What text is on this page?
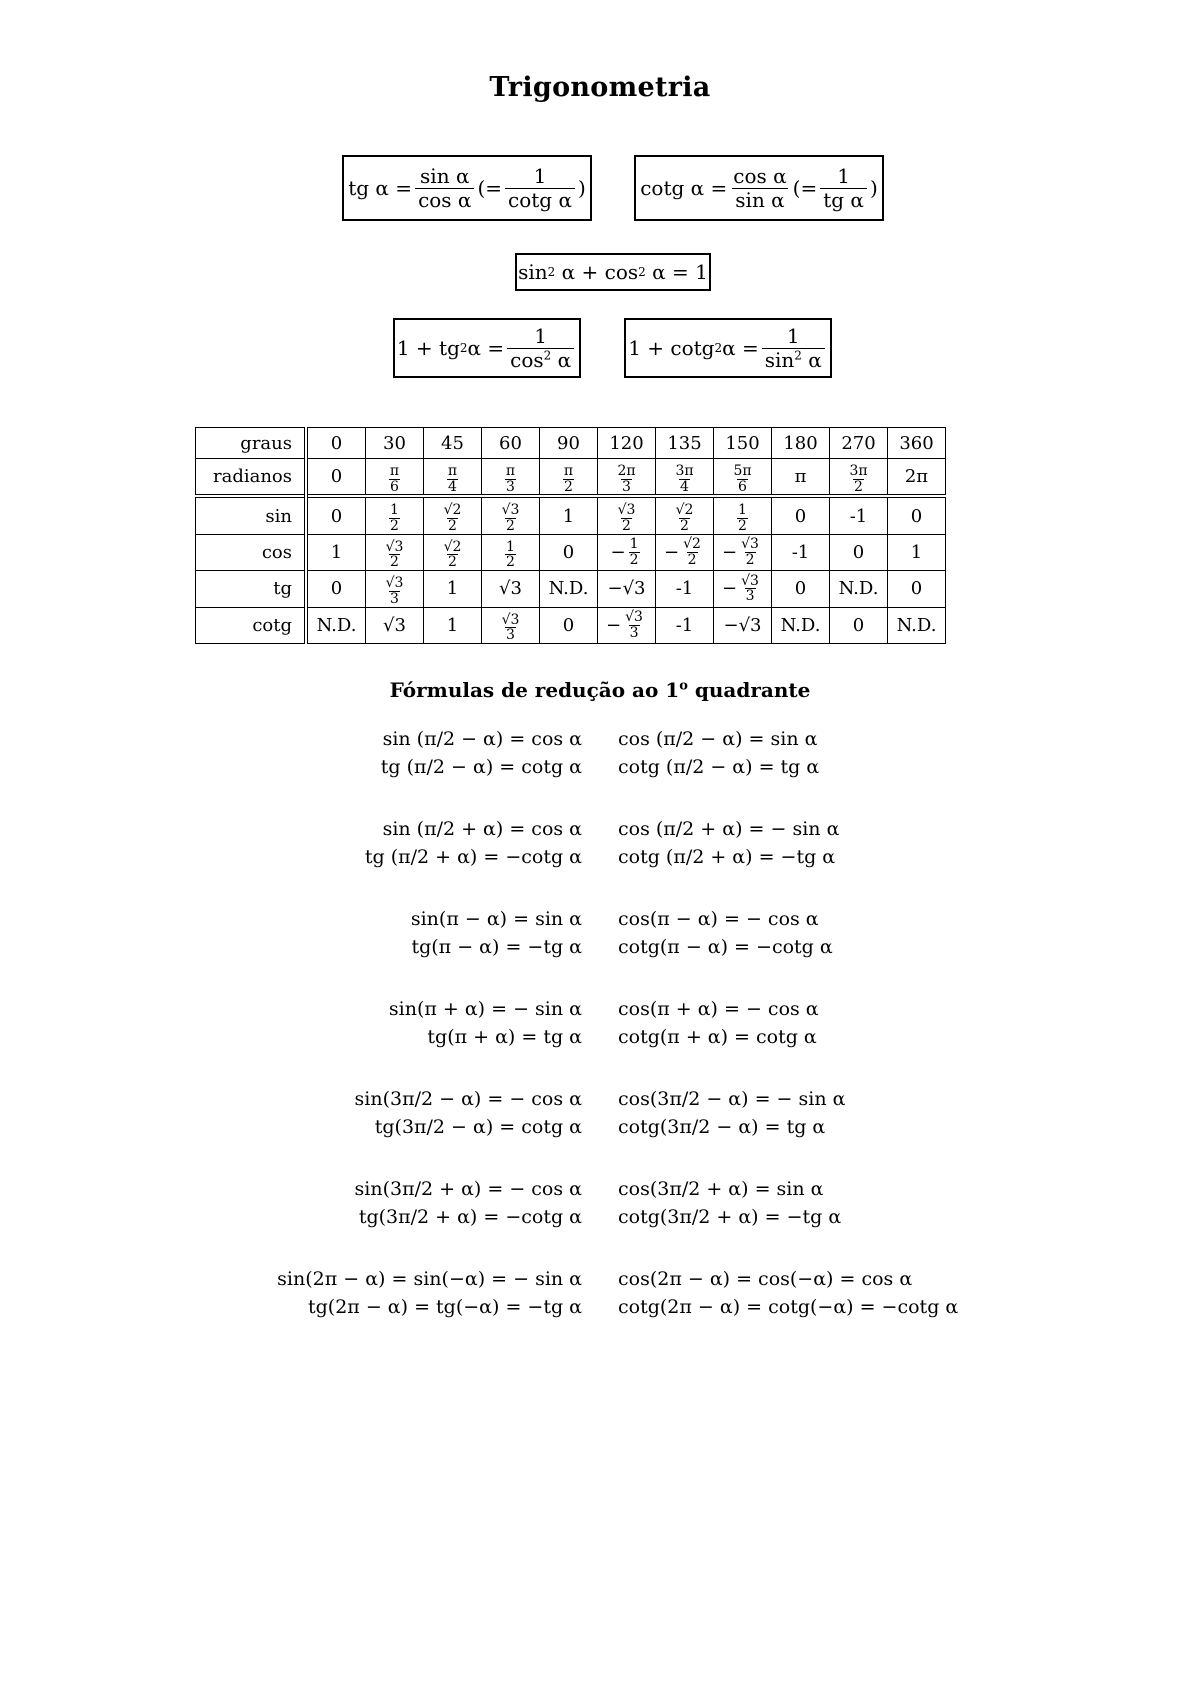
Trigonometria
tg $\alpha = \frac{\text{sin α}}{\text{cos α}}$ (= $\frac{1}{\text{cotg α}}$ )	cotg $\alpha = \frac{\text{cos α}}{\text{sin α}}$ (= $\frac{1}{\text{tg α}}$ )
sin 2
α + cos 2
α = 1
1 + tg 2 $\alpha = \frac{1}{\cos^2 \alpha}$	1 + cotg 2 $\alpha = \frac{1}{\sin^2 \alpha}$
graus	0	30	45	60	90	120	135	150	180	270	360
radianos	0	$\frac{\pi}{6}$	$\frac{\pi}{4}$	$\frac{\pi}{3}$	$\frac{\pi}{2}$	$\frac{2\pi}{3}$	$\frac{3\pi}{4}$	$\frac{5\pi}{6}$	π	$\frac{3\pi}{2}$	2π
sin	0	$\frac{1}{2}$	$\frac{√2}{2}$	$\frac{√3}{2}$	1	$\frac{√3}{2}$	$\frac{√2}{2}$	$\frac{1}{2}$	0	-1	0
cos	1	$\frac{√3}{2}$	$\frac{√2}{2}$	$\frac{1}{2}$	0	− $\frac{1}{2}$	− $\frac{√2}{2}$	− $\frac{√3}{2}$	-1	0	1
tg	0	$\frac{√3}{3}$	1	√3	N.D.	−√3	-1	− $\frac{√3}{3}$	0	N.D.	0
cotg	N.D.	√3	1	$\frac{√3}{3}$	0	− $\frac{√3}{3}$	-1	−√3	N.D.	0	N.D.
Fórmulas de redução ao 1$^o$ quadrante
sin (π/2 − α) = cos α cos (π/2 − α) = sin α
tg (π/2 − α) = cotg α cotg (π/2 − α) = tg α
sin (π/2 + α) = cos α cos (π/2 + α) = − sin α
tg (π/2 + α) = −cotg α cotg (π/2 + α) = −tg α
sin(π − α) = sin α cos(π − α) = − cos α
tg(π − α) = −tg α cotg(π − α) = −cotg α
sin(π + α) = − sin α cos(π + α) = − cos α
tg(π + α) = tg α cotg(π + α) = cotg α
sin(3π/2 − α) = − cos α cos(3π/2 − α) = − sin α
tg(3π/2 − α) = cotg α cotg(3π/2 − α) = tg α
sin(3π/2 + α) = − cos α cos(3π/2 + α) = sin α
tg(3π/2 + α) = −cotg α cotg(3π/2 + α) = −tg α
sin(2π − α) = sin(−α) = − sin α cos(2π − α) = cos(−α) = cos α
tg(2π − α) = tg(−α) = −tg α cotg(2π − α) = cotg(−α) = −cotg α
